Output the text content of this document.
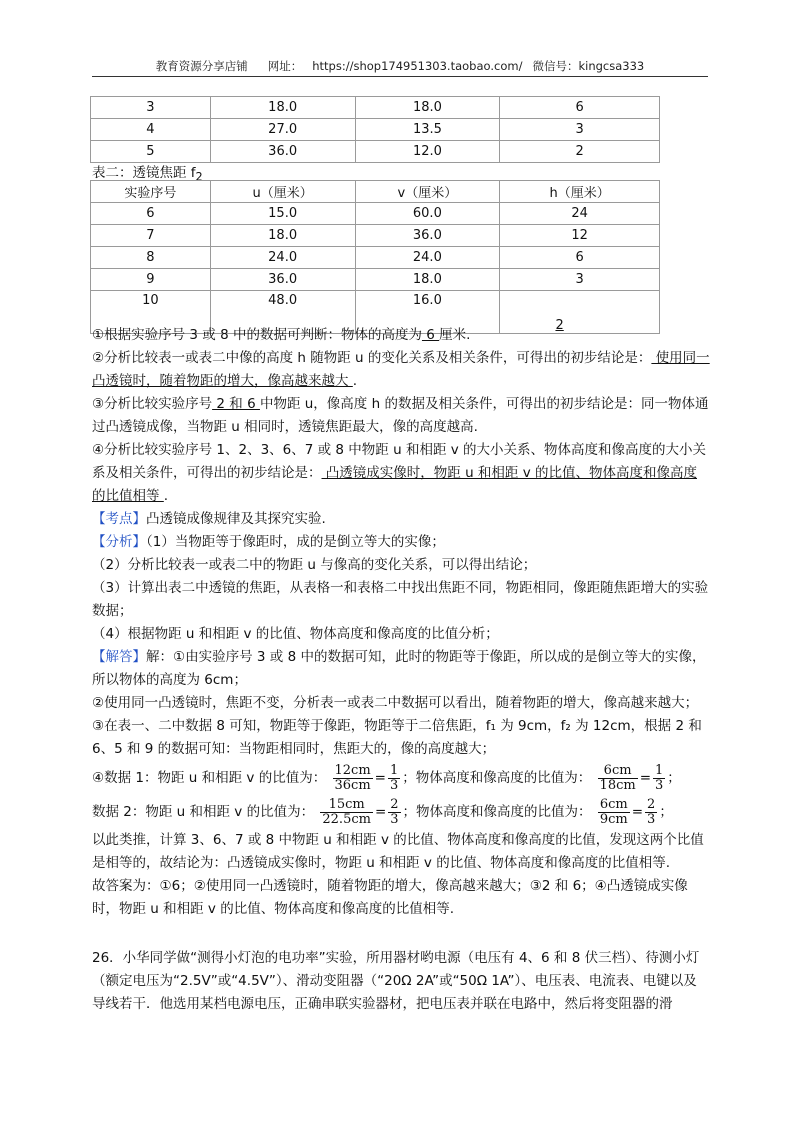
教育资源分享店铺 网址： https://shop174951303.taobao.com/ 微信号：kingcsa333
3	18.0	18.0	6
4	27.0	13.5	3
5	36.0	12.0	2
表二：透镜焦距 $f_2$
实验序号	u（厘米）	v（厘米）	h（厘米）
6	15.0	60.0	24
7	18.0	36.0	12
8	24.0	24.0	6
9	36.0	18.0	3
10	48.0	16.0	2

①根据实验序号 3 或 8 中的数据可判断：物体的高度为 6 厘米.

②分析比较表一或表二中像的高度 h 随物距 u 的变化关系及相关条件，可得出的初步结论是： 使用同一凸透镜时，随着物距的增大，像高越来越大 .

③分析比较实验序号 2 和 6 中物距 u，像高度 h 的数据及相关条件，可得出的初步结论是：同一物体通过凸透镜成像，当物距 u 相同时，透镜焦距最大，像的高度越高.

④分析比较实验序号 1、2、3、6、7 或 8 中物距 u 和相距 v 的大小关系、物体高度和像高度的大小关系及相关条件，可得出的初步结论是： 凸透镜成实像时，物距 u 和相距 v 的比值、物体高度和像高度的比值相等 .

【考点】凸透镜成像规律及其探究实验.

【分析】（1）当物距等于像距时，成的是倒立等大的实像；

（2）分析比较表一或表二中的物距 u 与像高的变化关系，可以得出结论；

（3）计算出表二中透镜的焦距，从表格一和表格二中找出焦距不同，物距相同，像距随焦距增大的实验数据；

（4）根据物距 u 和相距 v 的比值、物体高度和像高度的比值分析；

【解答】解：①由实验序号 3 或 8 中的数据可知，此时的物距等于像距，所以成的是倒立等大的实像，所以物体的高度为 6cm；

②使用同一凸透镜时，焦距不变，分析表一或表二中数据可以看出，随着物距的增大，像高越来越大；

③在表一、二中数据 8 可知，物距等于像距，物距等于二倍焦距，f₁ 为 9cm，f₂ 为 12cm，根据 2 和 6、5 和 9 的数据可知：当物距相同时，焦距大的，像的高度越大；

④数据 1：物距 u 和相距 v 的比值为： $\frac{12cm}{36cm} = \frac{1}{3}$ ；物体高度和像高度的比值为： $\frac{6cm}{18cm} = \frac{1}{3}$ ；

数据 2：物距 u 和相距 v 的比值为： $\frac{15cm}{22.5cm} = \frac{2}{3}$ ；物体高度和像高度的比值为： $\frac{6cm}{9cm} = \frac{2}{3}$ ；

以此类推，计算 3、6、7 或 8 中物距 u 和相距 v 的比值、物体高度和像高度的比值，发现这两个比值是相等的，故结论为：凸透镜成实像时，物距 u 和相距 v 的比值、物体高度和像高度的比值相等.

故答案为：①6；②使用同一凸透镜时，随着物距的增大，像高越来越大；③2 和 6；④凸透镜成实像时，物距 u 和相距 v 的比值、物体高度和像高度的比值相等.

26．小华同学做“测得小灯泡的电功率”实验，所用器材哟电源（电压有 4、6 和 8 伏三档）、待测小灯（额定电压为“2.5V”或“4.5V”）、滑动变阻器（“20Ω 2A”或“50Ω 1A”）、电压表、电流表、电键以及导线若干．他选用某档电源电压，正确串联实验器材，把电压表并联在电路中，然后将变阻器的滑
